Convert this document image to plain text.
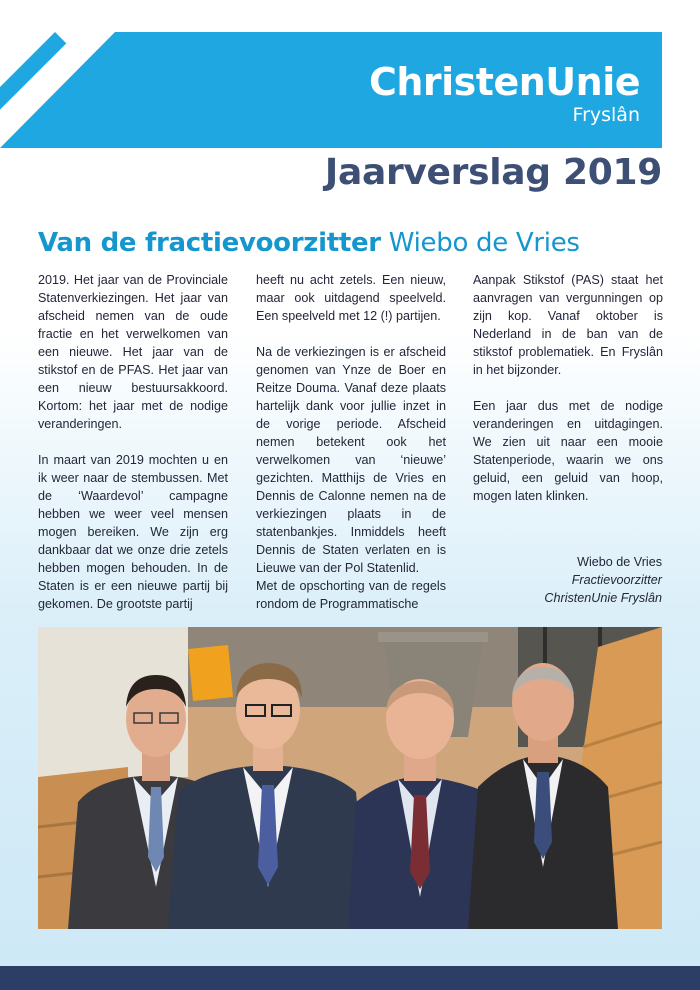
ChristenUnie
Fryslân
Jaarverslag 2019
Van de fractievoorzitter Wiebo de Vries

2019. Het jaar van de Provinciale Statenverkiezingen. Het jaar van afscheid nemen van de oude fractie en het verwelkomen van een nieuwe. Het jaar van de stikstof en de PFAS. Het jaar van een nieuw bestuursakkoord. Kortom: het jaar met de nodige veranderingen.

In maart van 2019 mochten u en ik weer naar de stembussen. Met de ‘Waardevol’ campagne hebben we weer veel mensen mogen bereiken. We zijn erg dankbaar dat we onze drie zetels hebben mogen behouden. In de Staten is er een nieuwe partij bij gekomen. De grootste partij

heeft nu acht zetels. Een nieuw, maar ook uitdagend speelveld. Een speelveld met 12 (!) partijen.

Na de verkiezingen is er afscheid genomen van Ynze de Boer en Reitze Douma. Vanaf deze plaats hartelijk dank voor jullie inzet in de vorige periode. Afscheid nemen betekent ook het verwelkomen van ‘nieuwe’ gezichten. Matthijs de Vries en Dennis de Calonne nemen na de verkiezingen plaats in de statenbankjes. Inmiddels heeft Dennis de Staten verlaten en is Lieuwe van der Pol Statenlid.

Met de opschorting van de regels rondom de Programmatische

Aanpak Stikstof (PAS) staat het aanvragen van vergunningen op zijn kop. Vanaf oktober is Nederland in de ban van de stikstof problematiek. En Fryslân in het bijzonder.

Een jaar dus met de nodige veranderingen en uitdagingen. We zien uit naar een mooie Statenperiode, waarin we ons geluid, een geluid van hoop, mogen laten klinken.

Wiebo de Vries
Fractievoorzitter
ChristenUnie Fryslân
